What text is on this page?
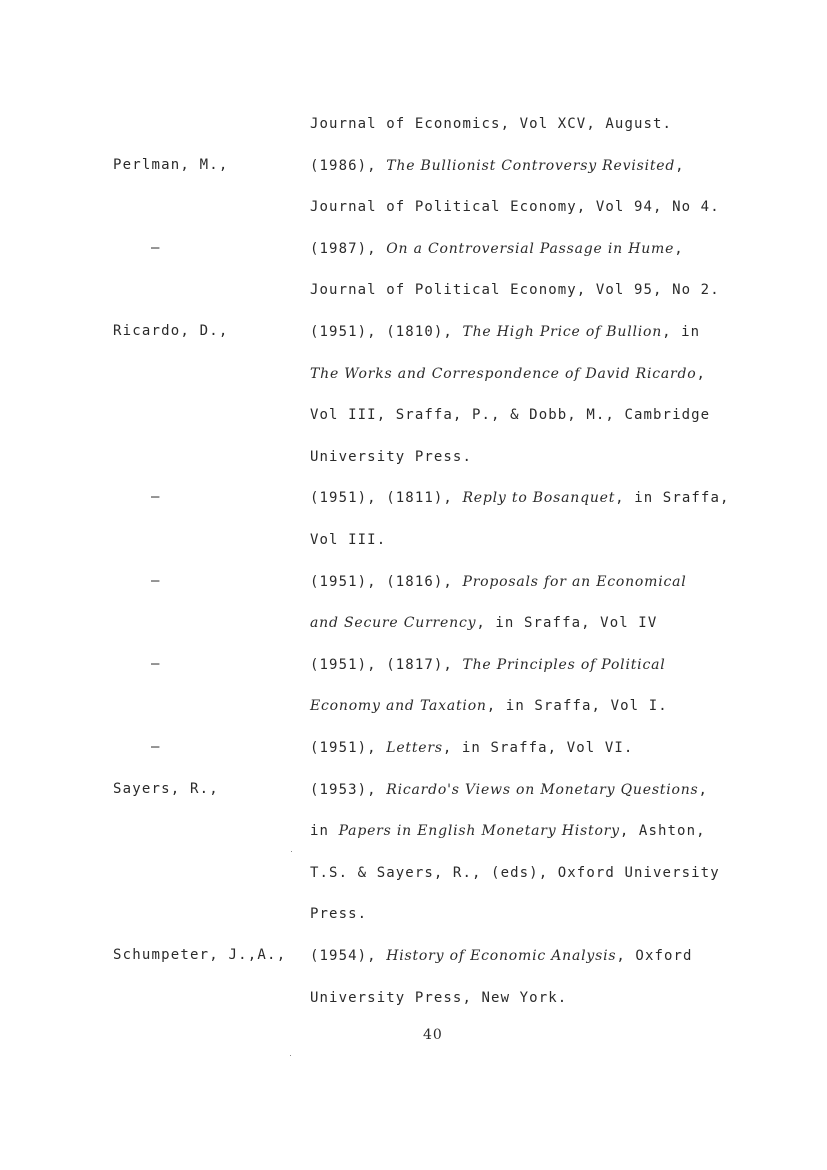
Journal of Economics, Vol XCV, August.
Perlman, M.,	(1986), The Bullionist Controversy Revisited,
Journal of Political Economy, Vol 94, No 4.
–	(1987), On a Controversial Passage in Hume,
Journal of Political Economy, Vol 95, No 2.
Ricardo, D.,	(1951), (1810), The High Price of Bullion, in
The Works and Correspondence of David Ricardo,
Vol III, Sraffa, P., & Dobb, M., Cambridge
University Press.
–	(1951), (1811), Reply to Bosanquet, in Sraffa,
Vol III.
–	(1951), (1816), Proposals for an Economical
and Secure Currency, in Sraffa, Vol IV
–	(1951), (1817), The Principles of Political
Economy and Taxation, in Sraffa, Vol I.
–	(1951), Letters, in Sraffa, Vol VI.
Sayers, R.,	(1953), Ricardo's Views on Monetary Questions,
in Papers in English Monetary History, Ashton,
T.S. & Sayers, R., (eds), Oxford University
Press.
Schumpeter, J.,A., (1954), History of Economic Analysis, Oxford
University Press, New York.
40
